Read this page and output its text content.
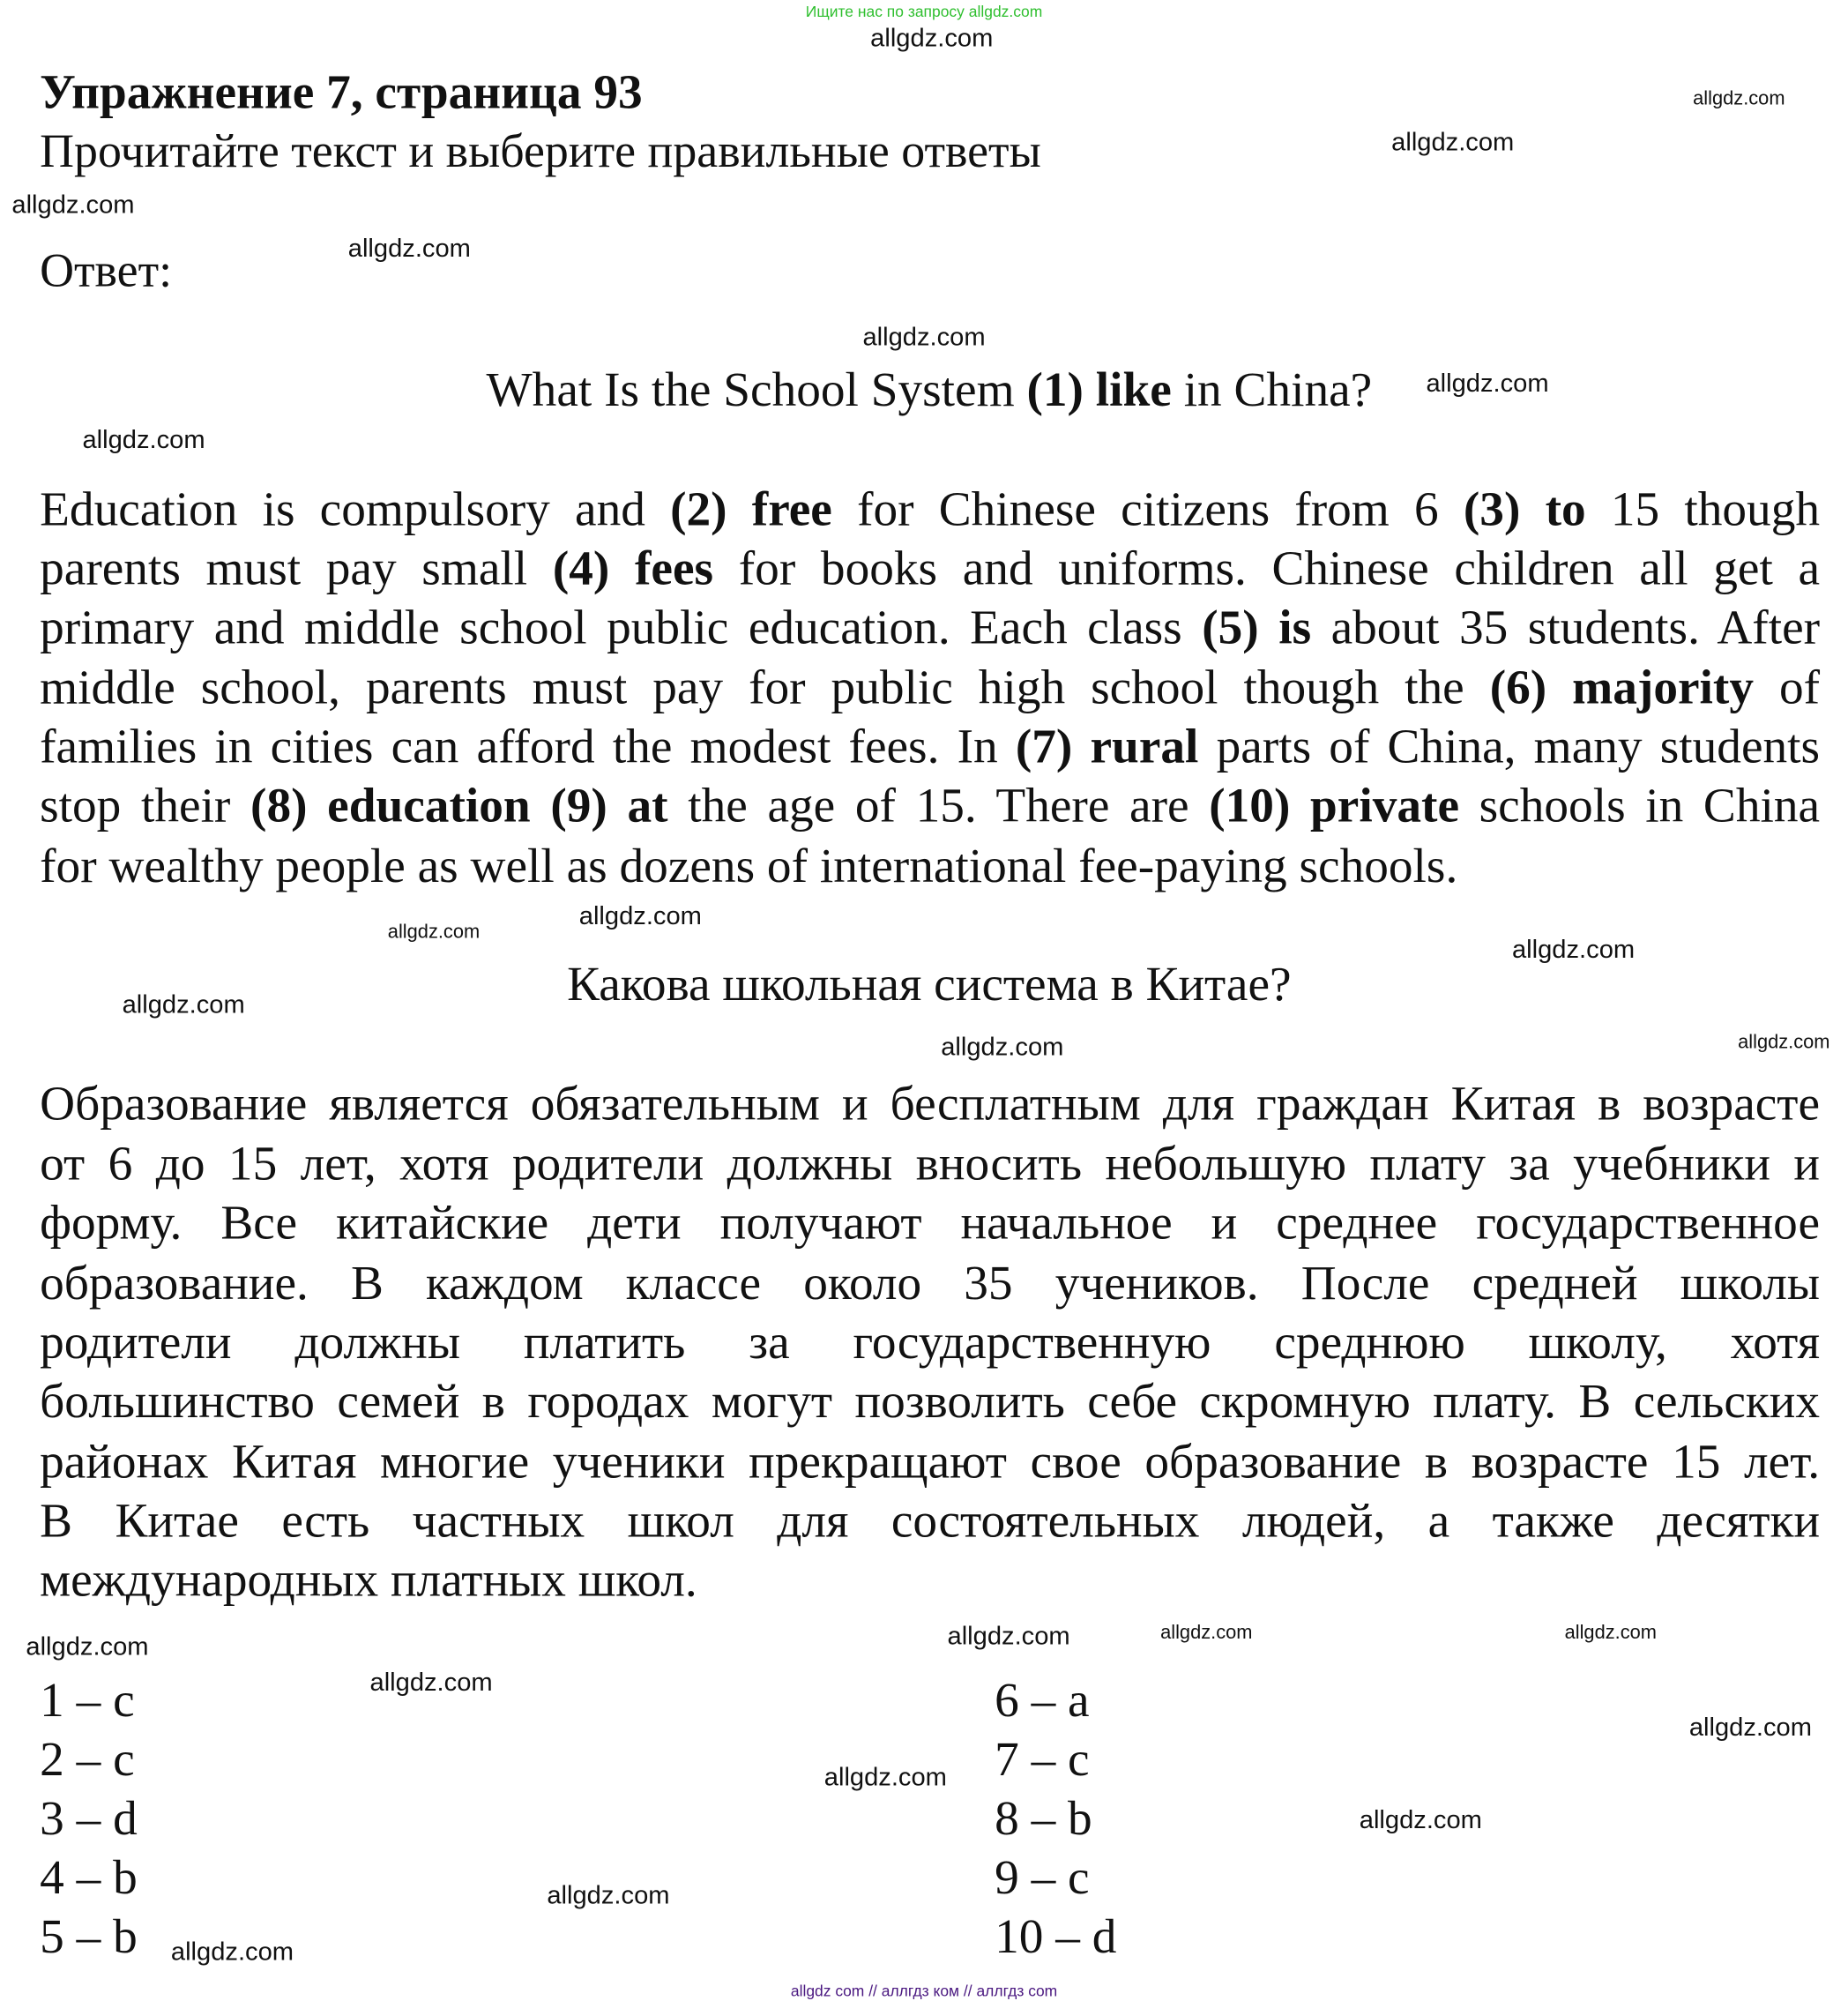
Ищите нас по запросу allgdz.com
Упражнение 7, страница 93
Прочитайте текст и выберите правильные ответы
Ответ:
What Is the School System (1) like in China?
Education is compulsory and (2) free for Chinese citizens from 6 (3) to 15 though
parents must pay small (4) fees for books and uniforms. Chinese children all get a
primary and middle school public education. Each class (5) is about 35 students. After
middle school, parents must pay for public high school though the (6) majority of
families in cities can afford the modest fees. In (7) rural parts of China, many students
stop their (8) education (9) at the age of 15. There are (10) private schools in China
for wealthy people as well as dozens of international fee-paying schools.
Какова школьная система в Китае?
Образование является обязательным и бесплатным для граждан Китая в возрасте
от 6 до 15 лет, хотя родители должны вносить небольшую плату за учебники и
форму. Все китайские дети получают начальное и среднее государственное
образование. В каждом классе около 35 учеников. После средней школы
родители должны платить за государственную среднюю школу, хотя
большинство семей в городах могут позволить себе скромную плату. В сельских
районах Китая многие ученики прекращают свое образование в возрасте 15 лет.
В Китае есть частных школ для состоятельных людей, а также десятки
международных платных школ.
1 – c
2 – c
3 – d
4 – b
5 – b
6 – a
7 – c
8 – b
9 – c
10 – d
allgdz.com
allgdz.com
allgdz.com
allgdz.com
allgdz.com
allgdz.com
allgdz.com
allgdz.com
allgdz.com
allgdz.com
allgdz.com
allgdz.com
allgdz.com	allgdz.com
allgdz.com	allgdz.com
allgdz.com
allgdz.com
allgdz.com
allgdz.com
allgdz.com
allgdz.com
allgdz.com
allgdz.com
allgdz com // аллгдз ком // аллгдз com
